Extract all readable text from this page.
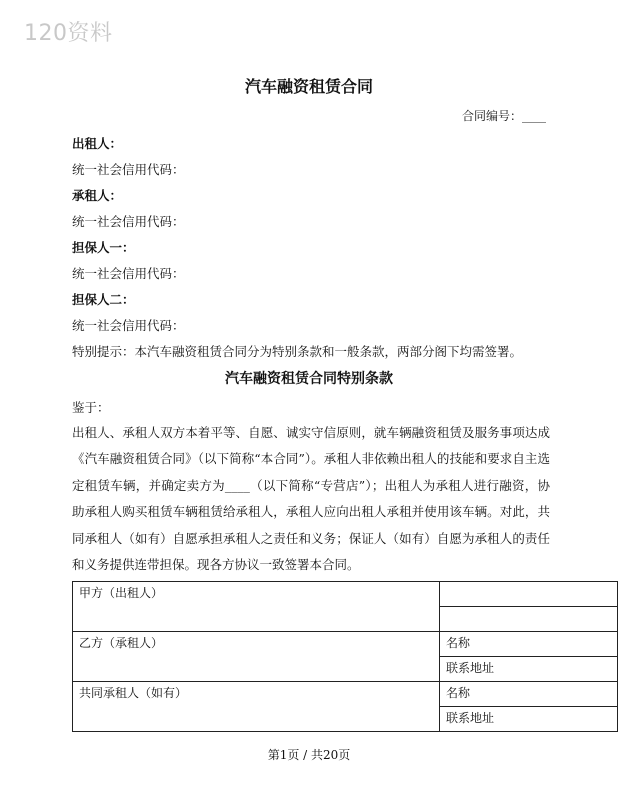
120资料
汽车融资租赁合同
合同编号：____
出租人：
统一社会信用代码：
承租人：
统一社会信用代码：
担保人一：
统一社会信用代码：
担保人二：
统一社会信用代码：
特别提示：本汽车融资租赁合同分为特别条款和一般条款，两部分阁下均需签署。
汽车融资租赁合同特别条款
鉴于：
出租人、承租人双方本着平等、自愿、诚实守信原则，就车辆融资租赁及服务事项达成《汽车融资租赁合同》（以下简称“本合同”）。承租人非依赖出租人的技能和要求自主选定租赁车辆，并确定卖方为____（以下简称“专营店”）；出租人为承租人进行融资，协助承租人购买租赁车辆租赁给承租人，承租人应向出租人承租并使用该车辆。对此，共同承租人（如有）自愿承担承租人之责任和义务；保证人（如有）自愿为承租人的责任和义务提供连带担保。现各方协议一致签署本合同。
甲方（出租人）	

乙方（承租人）	名称
	联系地址
共同承租人（如有）	名称
	联系地址
第1页 / 共20页
